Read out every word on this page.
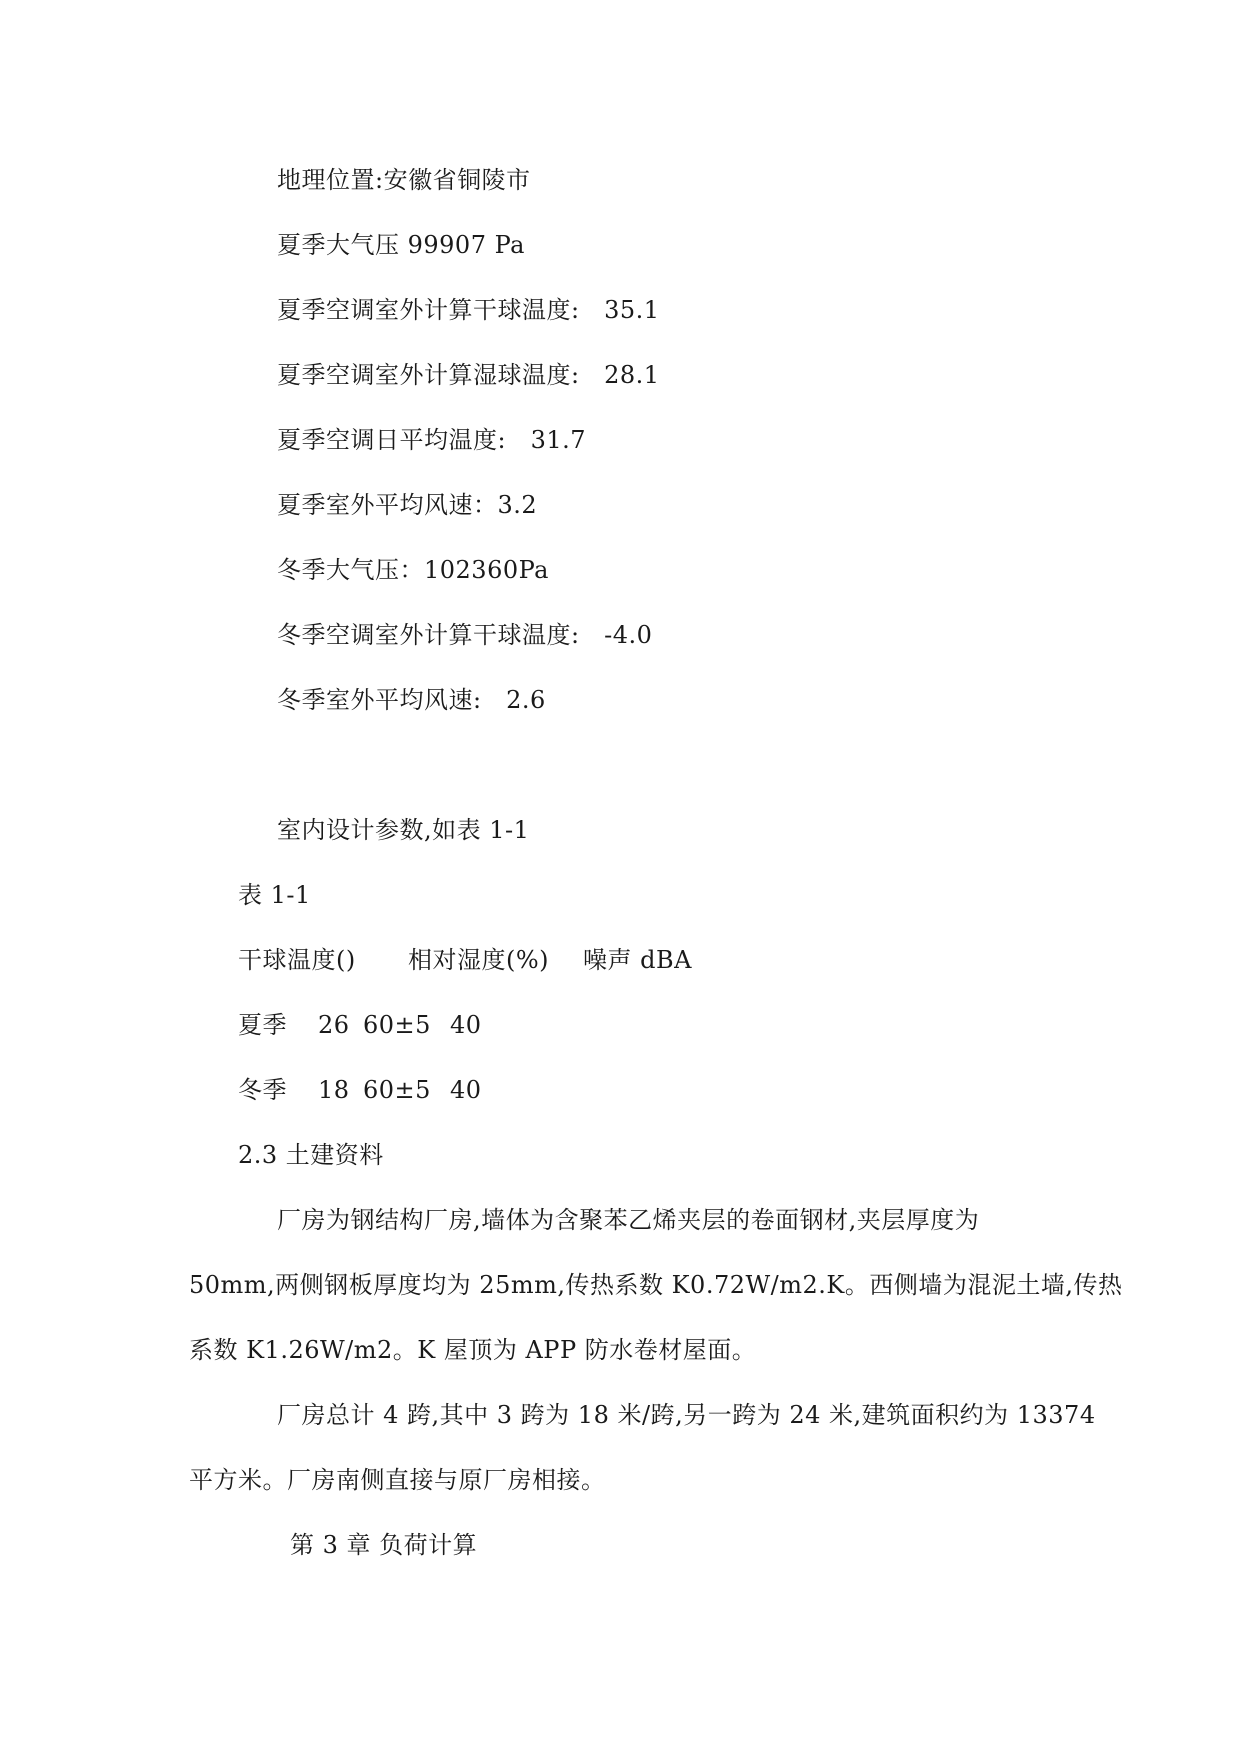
地理位置:安徽省铜陵市
夏季大气压 99907 Pa
夏季空调室外计算干球温度:　35.1
夏季空调室外计算湿球温度:　28.1
夏季空调日平均温度:　31.7
夏季室外平均风速：3.2
冬季大气压：102360Pa
冬季空调室外计算干球温度:　-4.0
冬季室外平均风速:　2.6
室内设计参数,如表 1-1
表 1-1
干球温度() 相对湿度(%) 噪声 dBA
夏季 26 60±5 40
冬季 18 60±5 40
2.3 土建资料
厂房为钢结构厂房,墙体为含聚苯乙烯夹层的卷面钢材,夹层厚度为
50mm,两侧钢板厚度均为 25mm,传热系数 K0.72W/m2.K。西侧墙为混泥土墙,传热
系数 K1.26W/m2。K 屋顶为 APP 防水卷材屋面。
厂房总计 4 跨,其中 3 跨为 18 米/跨,另一跨为 24 米,建筑面积约为 13374
平方米。厂房南侧直接与原厂房相接。
第 3 章 负荷计算
